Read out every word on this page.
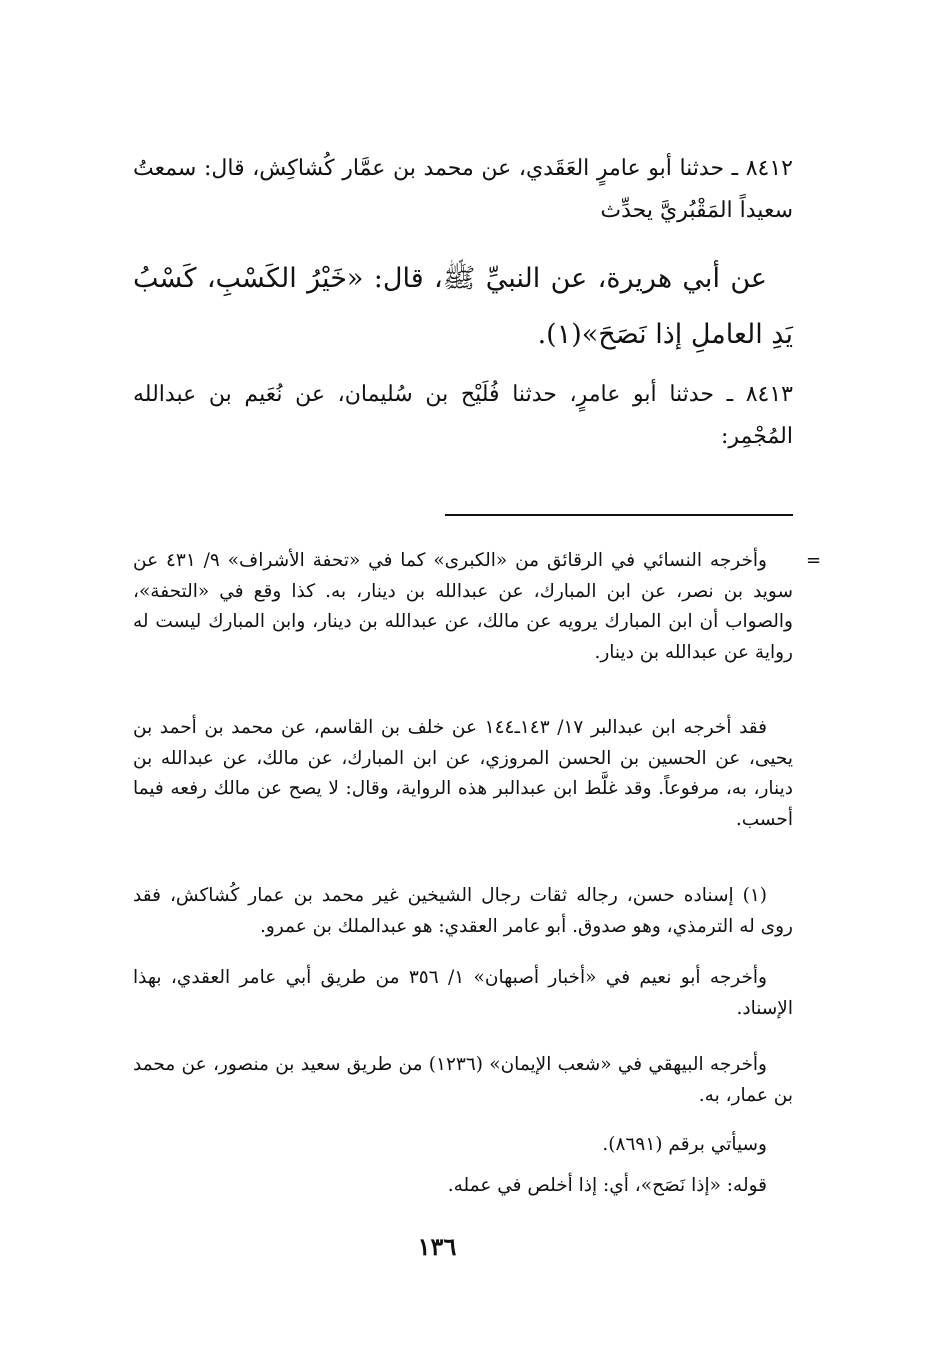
٨٤١٢ ـ حدثنا أبو عامرٍ العَقَدي، عن محمد بن عمَّار كُشاكِش، قال: سمعتُ سعيداً المَقْبُريَّ يحدِّث

عن أبي هريرة، عن النبيِّ ﷺ، قال: «خَيْرُ الكَسْبِ، كَسْبُ يَدِ العاملِ إذا نَصَحَ»(١).

٨٤١٣ ـ حدثنا أبو عامرٍ، حدثنا فُلَيْح بن سُليمان، عن نُعَيم بن عبدالله المُجْمِر:

=

وأخرجه النسائي في الرقائق من «الكبرى» كما في «تحفة الأشراف» ٩/ ٤٣١ عن سويد بن نصر، عن ابن المبارك، عن عبدالله بن دينار، به. كذا وقع في «التحفة»، والصواب أن ابن المبارك يرويه عن مالك، عن عبدالله بن دينار، وابن المبارك ليست له رواية عن عبدالله بن دينار.

فقد أخرجه ابن عبدالبر ١٧/ ١٤٣ـ١٤٤ عن خلف بن القاسم، عن محمد بن أحمد بن يحيى، عن الحسين بن الحسن المروزي، عن ابن المبارك، عن مالك، عن عبدالله بن دينار، به، مرفوعاً. وقد غلَّط ابن عبدالبر هذه الرواية، وقال: لا يصح عن مالك رفعه فيما أحسب.

(١) إسناده حسن، رجاله ثقات رجال الشيخين غير محمد بن عمار كُشاكش، فقد روى له الترمذي، وهو صدوق. أبو عامر العقدي: هو عبدالملك بن عمرو.

وأخرجه أبو نعيم في «أخبار أصبهان» ١/ ٣٥٦ من طريق أبي عامر العقدي، بهذا الإسناد.

وأخرجه البيهقي في «شعب الإيمان» (١٢٣٦) من طريق سعيد بن منصور، عن محمد بن عمار، به.

وسيأتي برقم (٨٦٩١).

قوله: «إذا نَصَح»، أي: إذا أخلص في عمله.

١٣٦
